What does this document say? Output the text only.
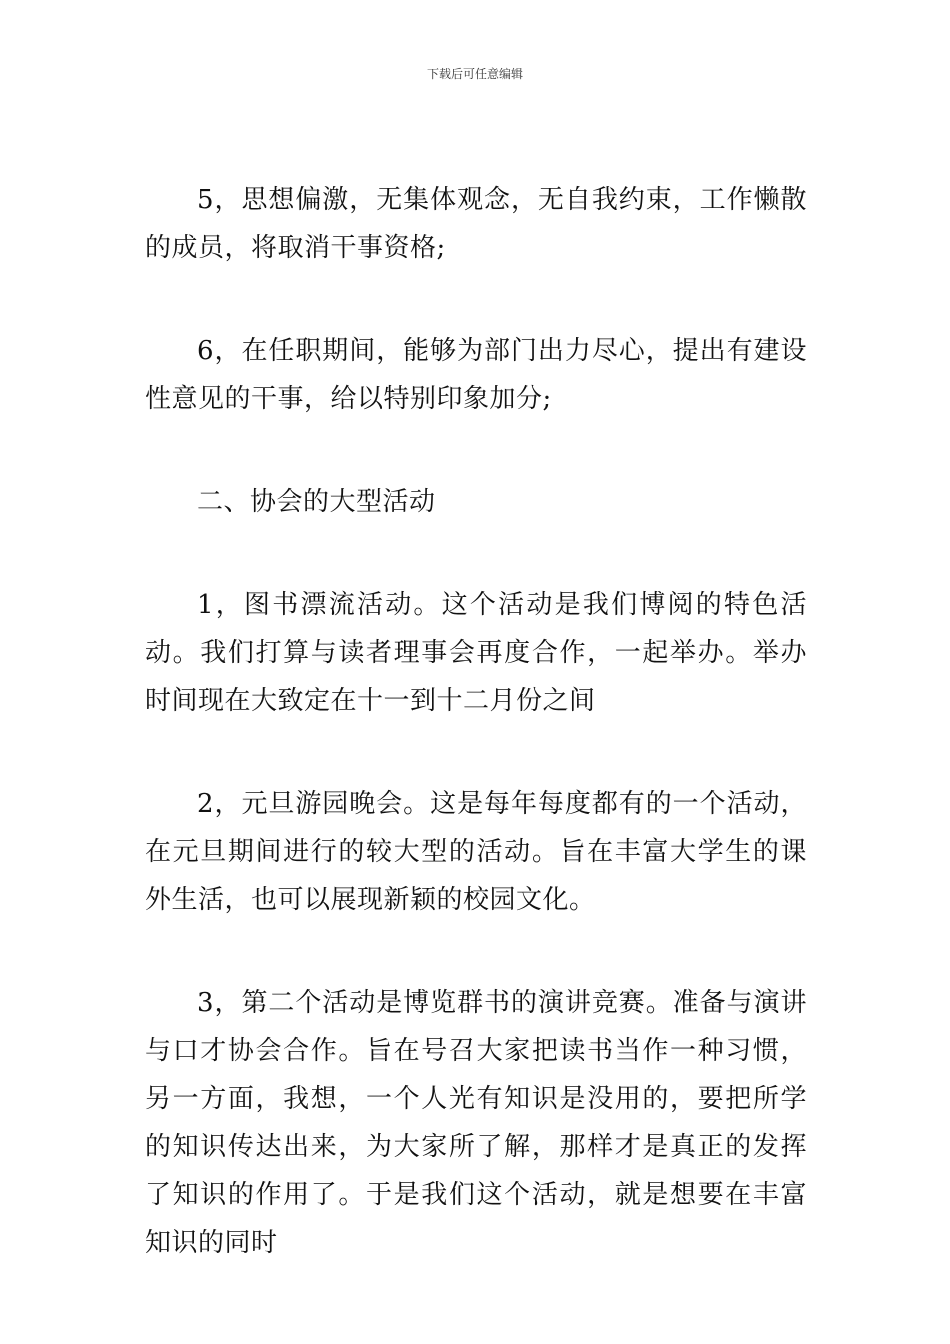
下载后可任意编辑

5，思想偏激，无集体观念，无自我约束，工作懒散的成员，将取消干事资格;

6，在任职期间，能够为部门出力尽心，提出有建设性意见的干事，给以特别印象加分;

二、协会的大型活动

1，图书漂流活动。这个活动是我们博阅的特色活动。我们打算与读者理事会再度合作，一起举办。举办时间现在大致定在十一到十二月份之间

2，元旦游园晚会。这是每年每度都有的一个活动，在元旦期间进行的较大型的活动。旨在丰富大学生的课外生活，也可以展现新颖的校园文化。

3，第二个活动是博览群书的演讲竞赛。准备与演讲与口才协会合作。旨在号召大家把读书当作一种习惯，另一方面，我想，一个人光有知识是没用的，要把所学的知识传达出来，为大家所了解，那样才是真正的发挥了知识的作用了。于是我们这个活动，就是想要在丰富知识的同时
